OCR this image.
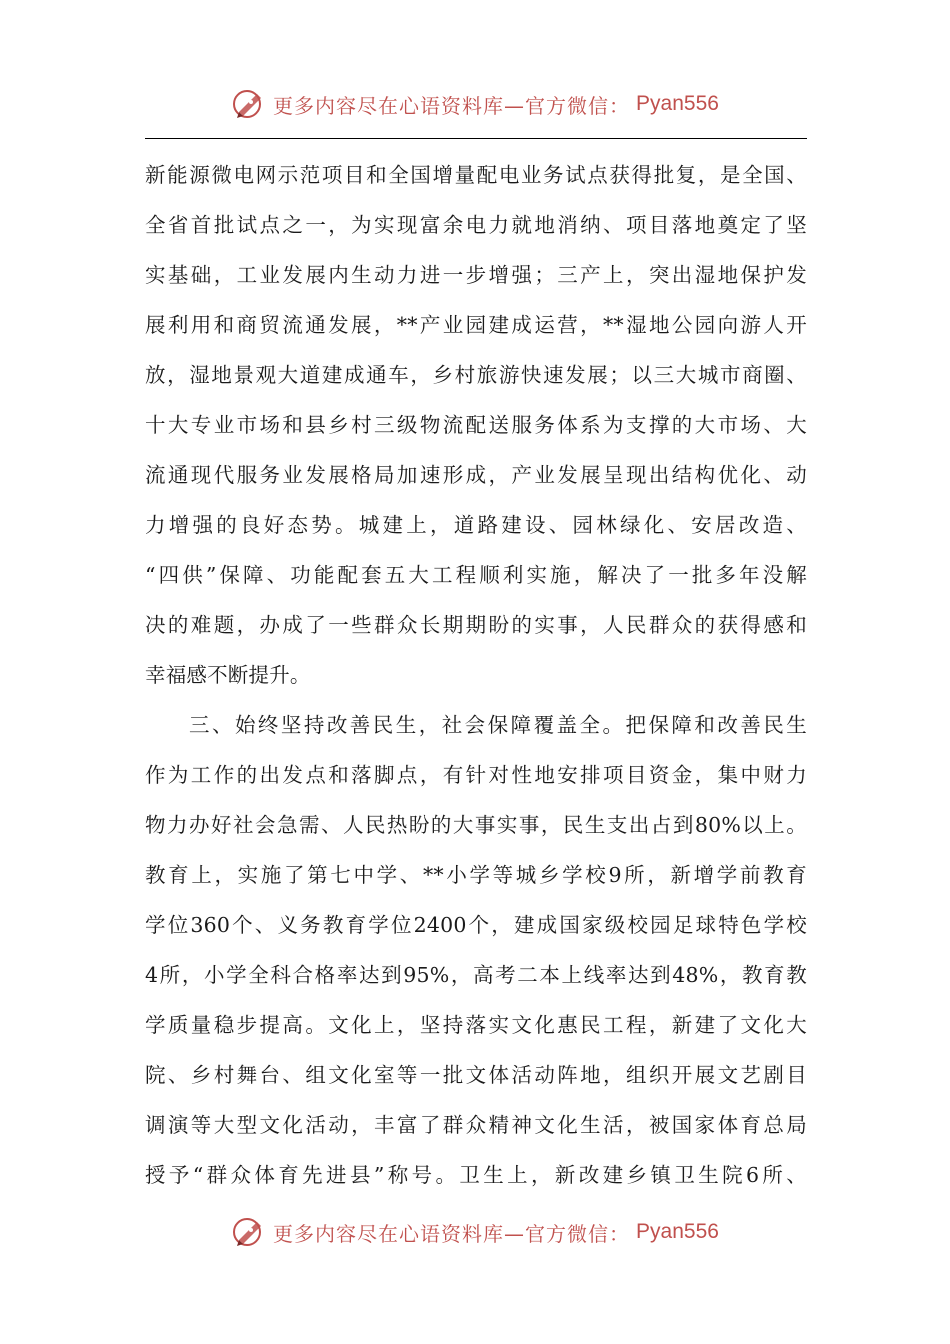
更多内容尽在心语资料库—官方微信： Pyan556
新能源微电网示范项目和全国增量配电业务试点获得批复，是全国、
全省首批试点之一，为实现富余电力就地消纳、项目落地奠定了坚
实基础，工业发展内生动力进一步增强；三产上，突出湿地保护发
展利用和商贸流通发展，**产业园建成运营，**湿地公园向游人开
放，湿地景观大道建成通车，乡村旅游快速发展；以三大城市商圈、
十大专业市场和县乡村三级物流配送服务体系为支撑的大市场、大
流通现代服务业发展格局加速形成，产业发展呈现出结构优化、动
力增强的良好态势。城建上，道路建设、园林绿化、安居改造、
“四供”保障、功能配套五大工程顺利实施，解决了一批多年没解
决的难题，办成了一些群众长期期盼的实事，人民群众的获得感和
幸福感不断提升。
三、始终坚持改善民生，社会保障覆盖全。把保障和改善民生
作为工作的出发点和落脚点，有针对性地安排项目资金，集中财力
物力办好社会急需、人民热盼的大事实事，民生支出占到80%以上。
教育上，实施了第七中学、**小学等城乡学校9所，新增学前教育
学位360个、义务教育学位2400个，建成国家级校园足球特色学校
4所，小学全科合格率达到95%，高考二本上线率达到48%，教育教
学质量稳步提高。文化上，坚持落实文化惠民工程，新建了文化大
院、乡村舞台、组文化室等一批文体活动阵地，组织开展文艺剧目
调演等大型文化活动，丰富了群众精神文化生活，被国家体育总局
授予“群众体育先进县”称号。卫生上，新改建乡镇卫生院6所、
更多内容尽在心语资料库—官方微信： Pyan556
